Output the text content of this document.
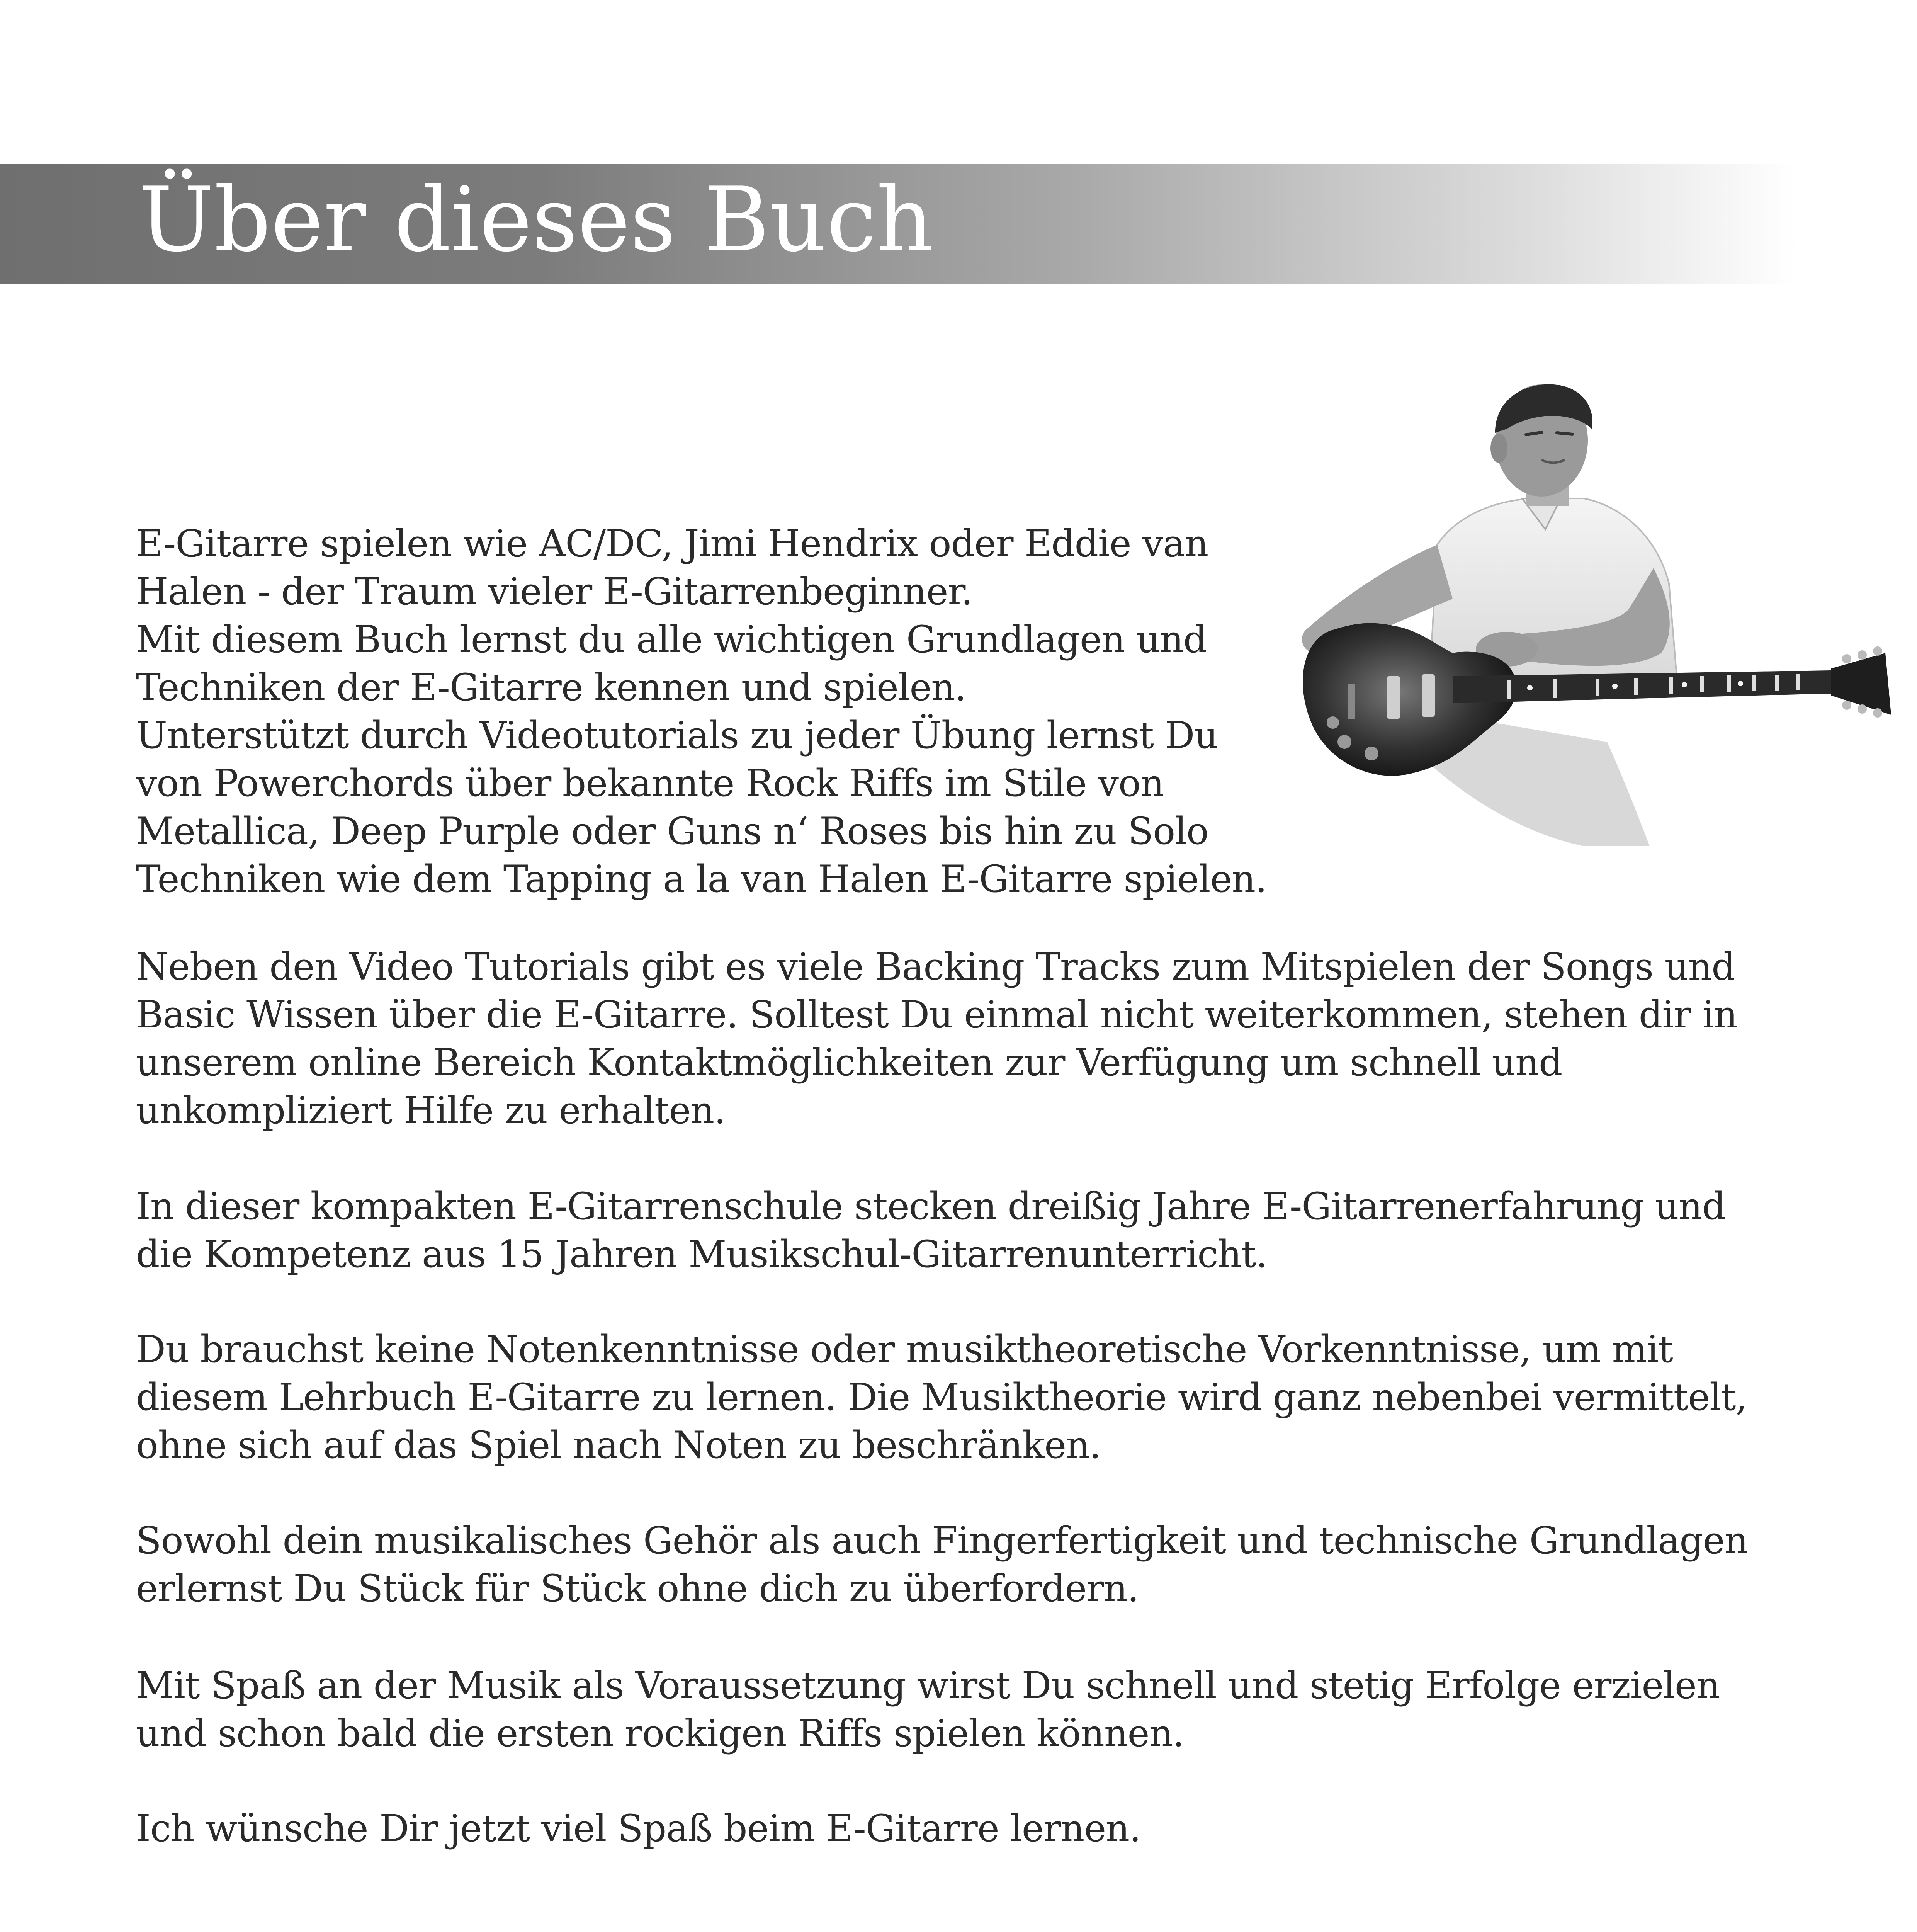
Über dieses Buch

E-Gitarre spielen wie AC/DC, Jimi Hendrix oder Eddie van
Halen - der Traum vieler E-Gitarrenbeginner.
Mit diesem Buch lernst du alle wichtigen Grundlagen und
Techniken der E-Gitarre kennen und spielen.
Unterstützt durch Videotutorials zu jeder Übung lernst Du
von Powerchords über bekannte Rock Riffs im Stile von
Metallica, Deep Purple oder Guns n‘ Roses bis hin zu Solo
Techniken wie dem Tapping a la van Halen E-Gitarre spielen.

Neben den Video Tutorials gibt es viele Backing Tracks zum Mitspielen der Songs und
Basic Wissen über die E-Gitarre. Solltest Du einmal nicht weiterkommen, stehen dir in
unserem online Bereich Kontaktmöglichkeiten zur Verfügung um schnell und
unkompliziert Hilfe zu erhalten.

In dieser kompakten E-Gitarrenschule stecken dreißig Jahre E-Gitarrenerfahrung und
die Kompetenz aus 15 Jahren Musikschul-Gitarrenunterricht.

Du brauchst keine Notenkenntnisse oder musiktheoretische Vorkenntnisse, um mit
diesem Lehrbuch E-Gitarre zu lernen. Die Musiktheorie wird ganz nebenbei vermittelt,
ohne sich auf das Spiel nach Noten zu beschränken.

Sowohl dein musikalisches Gehör als auch Fingerfertigkeit und technische Grundlagen
erlernst Du Stück für Stück ohne dich zu überfordern.

Mit Spaß an der Musik als Voraussetzung wirst Du schnell und stetig Erfolge erzielen
und schon bald die ersten rockigen Riffs spielen können.

Ich wünsche Dir jetzt viel Spaß beim E-Gitarre lernen.
